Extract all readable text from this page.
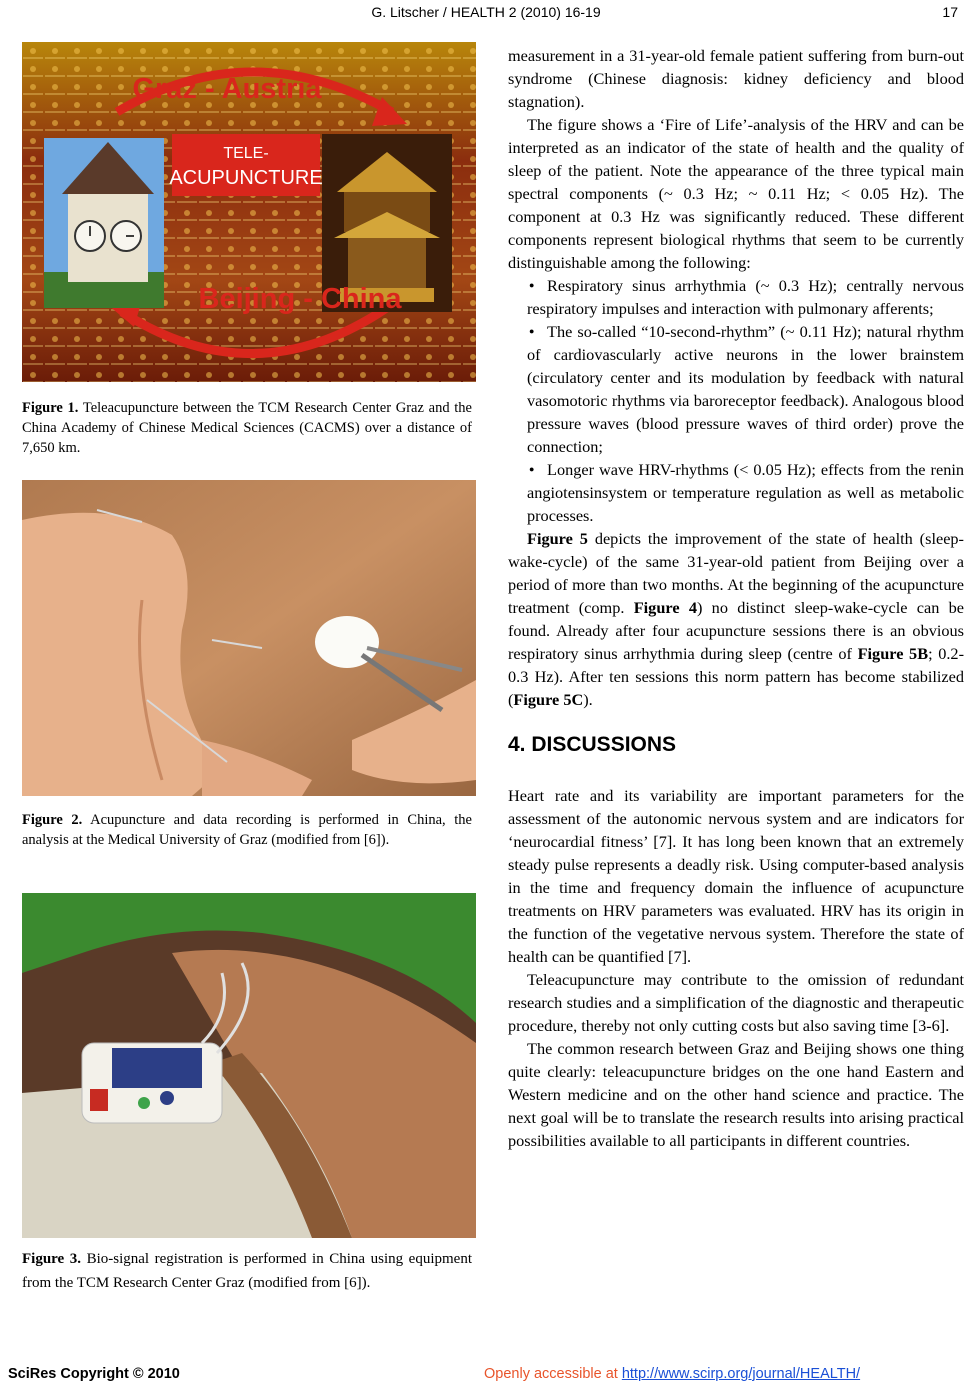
G. Litscher / HEALTH 2 (2010) 16-19	17
TELE-
ACUPUNCTURE
Graz - Austria
Beijing - China
Figure 1. Teleacupuncture between the TCM Research Center Graz and the China Academy of Chinese Medical Sciences (CACMS) over a distance of 7,650 km.
Figure 2. Acupuncture and data recording is performed in China, the analysis at the Medical University of Graz (modified from [6]).
Figure 3. Bio-signal registration is performed in China using equipment from the TCM Research Center Graz (modified from [6]).

measurement in a 31-year-old female patient suffering from burn-out syndrome (Chinese diagnosis: kidney deficiency and blood stagnation).

The figure shows a ‘Fire of Life’-analysis of the HRV and can be interpreted as an indicator of the state of health and the quality of sleep of the patient. Note the appearance of the three typical main spectral components (~ 0.3 Hz; ~ 0.11 Hz; < 0.05 Hz). The component at 0.3 Hz was significantly reduced. These different components represent biological rhythms that seem to be currently distinguishable among the following:

● Respiratory sinus arrhythmia (~ 0.3 Hz); centrally nervous respiratory impulses and interaction with pulmonary afferents;
● The so-called “10-second-rhythm” (~ 0.11 Hz); natural rhythm of cardiovascularly active neurons in the lower brainstem (circulatory center and its modulation by feedback with natural vasomotoric rhythms via baroreceptor feedback). Analogous blood pressure waves (blood pressure waves of third order) prove the connection;
● Longer wave HRV-rhythms (< 0.05 Hz); effects from the renin angiotensinsystem or temperature regulation as well as metabolic processes.

Figure 5 depicts the improvement of the state of health (sleep-wake-cycle) of the same 31-year-old patient from Beijing over a period of more than two months. At the beginning of the acupuncture treatment (comp. Figure 4) no distinct sleep-wake-cycle can be found. Already after four acupuncture sessions there is an obvious respiratory sinus arrhythmia during sleep (centre of Figure 5B; 0.2-0.3 Hz). After ten sessions this norm pattern has become stabilized (Figure 5C).

4. DISCUSSIONS

Heart rate and its variability are important parameters for the assessment of the autonomic nervous system and are indicators for ‘neurocardial fitness’ [7]. It has long been known that an extremely steady pulse represents a deadly risk. Using computer-based analysis in the time and frequency domain the influence of acupuncture treatments on HRV parameters was evaluated. HRV has its origin in the function of the vegetative nervous system. Therefore the state of health can be quantified [7].

Teleacupuncture may contribute to the omission of redundant research studies and a simplification of the diagnostic and therapeutic procedure, thereby not only cutting costs but also saving time [3-6].

The common research between Graz and Beijing shows one thing quite clearly: teleacupuncture bridges on the one hand Eastern and Western medicine and on the other hand science and practice. The next goal will be to translate the research results into arising practical possibilities available to all participants in different countries.

SciRes Copyright © 2010	Openly accessible at http://www.scirp.org/journal/HEALTH/
